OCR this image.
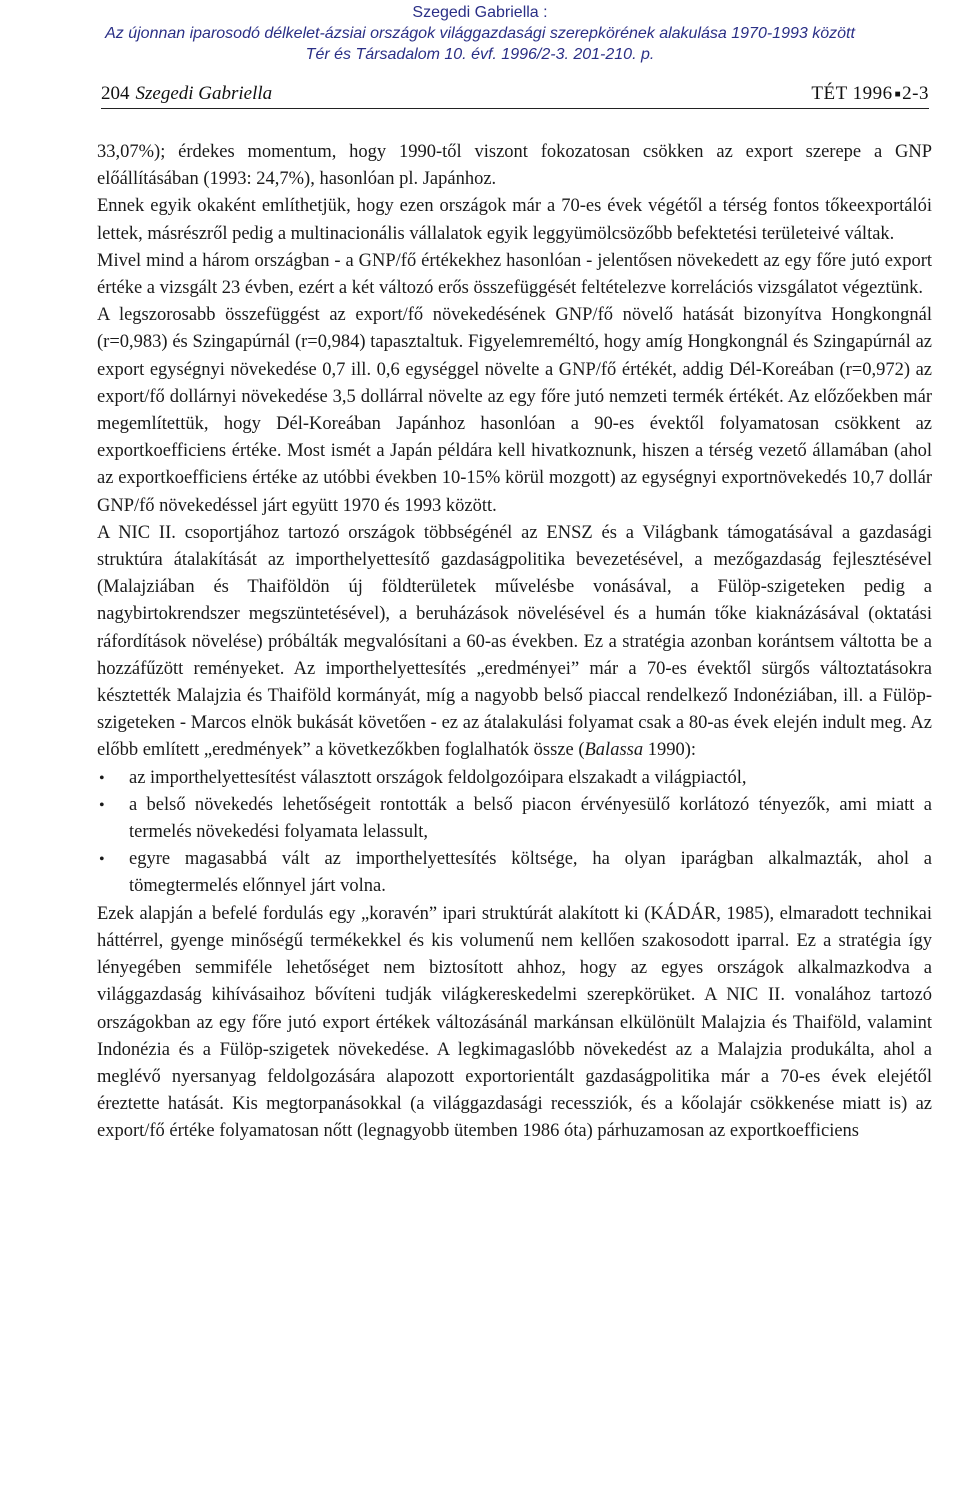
Szegedi Gabriella :
Az újonnan iparosodó délkelet-ázsiai országok világgazdasági szerepkörének alakulása 1970-1993 között
Tér és Társadalom 10. évf. 1996/2-3. 201-210. p.
204 Szegedi Gabriella	TÉT 1996 ■2-3

33,07%); érdekes momentum, hogy 1990-től viszont fokozatosan csökken az export szerepe a GNP előállításában (1993: 24,7%), hasonlóan pl. Japánhoz.

Ennek egyik okaként említhetjük, hogy ezen országok már a 70-es évek végétől a térség fontos tőkeexportálói lettek, másrészről pedig a multinacionális vállalatok egyik leggyümölcsözőbb befektetési területeivé váltak.

Mivel mind a három országban - a GNP/fő értékekhez hasonlóan - jelentősen növekedett az egy főre jutó export értéke a vizsgált 23 évben, ezért a két változó erős összefüggését feltételezve korrelációs vizsgálatot végeztünk.

A legszorosabb összefüggést az export/fő növekedésének GNP/fő növelő hatását bizonyítva Hongkongnál (r=0,983) és Szingapúrnál (r=0,984) tapasztaltuk. Figyelemreméltó, hogy amíg Hongkongnál és Szingapúrnál az export egységnyi növekedése 0,7 ill. 0,6 egységgel növelte a GNP/fő értékét, addig Dél-Koreában (r=0,972) az export/fő dollárnyi növekedése 3,5 dollárral növelte az egy főre jutó nemzeti termék értékét. Az előzőekben már megemlítettük, hogy Dél-Koreában Japánhoz hasonlóan a 90-es évektől folyamatosan csökkent az exportkoefficiens értéke. Most ismét a Japán példára kell hivatkoznunk, hiszen a térség vezető államában (ahol az exportkoefficiens értéke az utóbbi években 10-15% körül mozgott) az egységnyi exportnövekedés 10,7 dollár GNP/fő növekedéssel járt együtt 1970 és 1993 között.

A NIC II. csoportjához tartozó országok többségénél az ENSZ és a Világbank támogatásával a gazdasági struktúra átalakítását az importhelyettesítő gazdaságpolitika bevezetésével, a mezőgazdaság fejlesztésével (Malajziában és Thaiföldön új földterületek művelésbe vonásával, a Fülöp-szigeteken pedig a nagybirtokrendszer megszüntetésével), a beruházások növelésével és a humán tőke kiaknázásával (oktatási ráfordítások növelése) próbálták megvalósítani a 60-as években. Ez a stratégia azonban korántsem váltotta be a hozzáfűzött reményeket. Az importhelyettesítés „eredményei” már a 70-es évektől sürgős változtatásokra késztették Malajzia és Thaiföld kormányát, míg a nagyobb belső piaccal rendelkező Indonéziában, ill. a Fülöp-szigeteken - Marcos elnök bukását követően - ez az átalakulási folyamat csak a 80-as évek elején indult meg. Az előbb említett „eredmények” a következőkben foglalhatók össze (Balassa 1990):

• az importhelyettesítést választott országok feldolgozóipara elszakadt a világpiactól,
• a belső növekedés lehetőségeit rontották a belső piacon érvényesülő korlátozó tényezők, ami miatt a termelés növekedési folyamata lelassult,
• egyre magasabbá vált az importhelyettesítés költsége, ha olyan iparágban alkalmazták, ahol a tömegtermelés előnnyel járt volna.

Ezek alapján a befelé fordulás egy „koravén” ipari struktúrát alakított ki (KÁDÁR, 1985), elmaradott technikai háttérrel, gyenge minőségű termékekkel és kis volumenű nem kellően szakosodott iparral. Ez a stratégia így lényegében semmiféle lehetőséget nem biztosított ahhoz, hogy az egyes országok alkalmazkodva a világgazdaság kihívásaihoz bővíteni tudják világkereskedelmi szerepkörüket. A NIC II. vonalához tartozó országokban az egy főre jutó export értékek változásánál markánsan elkülönült Malajzia és Thaiföld, valamint Indonézia és a Fülöp-szigetek növekedése. A legkimagaslóbb növekedést az a Malajzia produkálta, ahol a meglévő nyersanyag feldolgozására alapozott exportorientált gazdaságpolitika már a 70-es évek elejétől éreztette hatását. Kis megtorpanásokkal (a világgazdasági recessziók, és a kőolajár csökkenése miatt is) az export/fő értéke folyamatosan nőtt (legnagyobb ütemben 1986 óta) párhuzamosan az exportkoefficiens
